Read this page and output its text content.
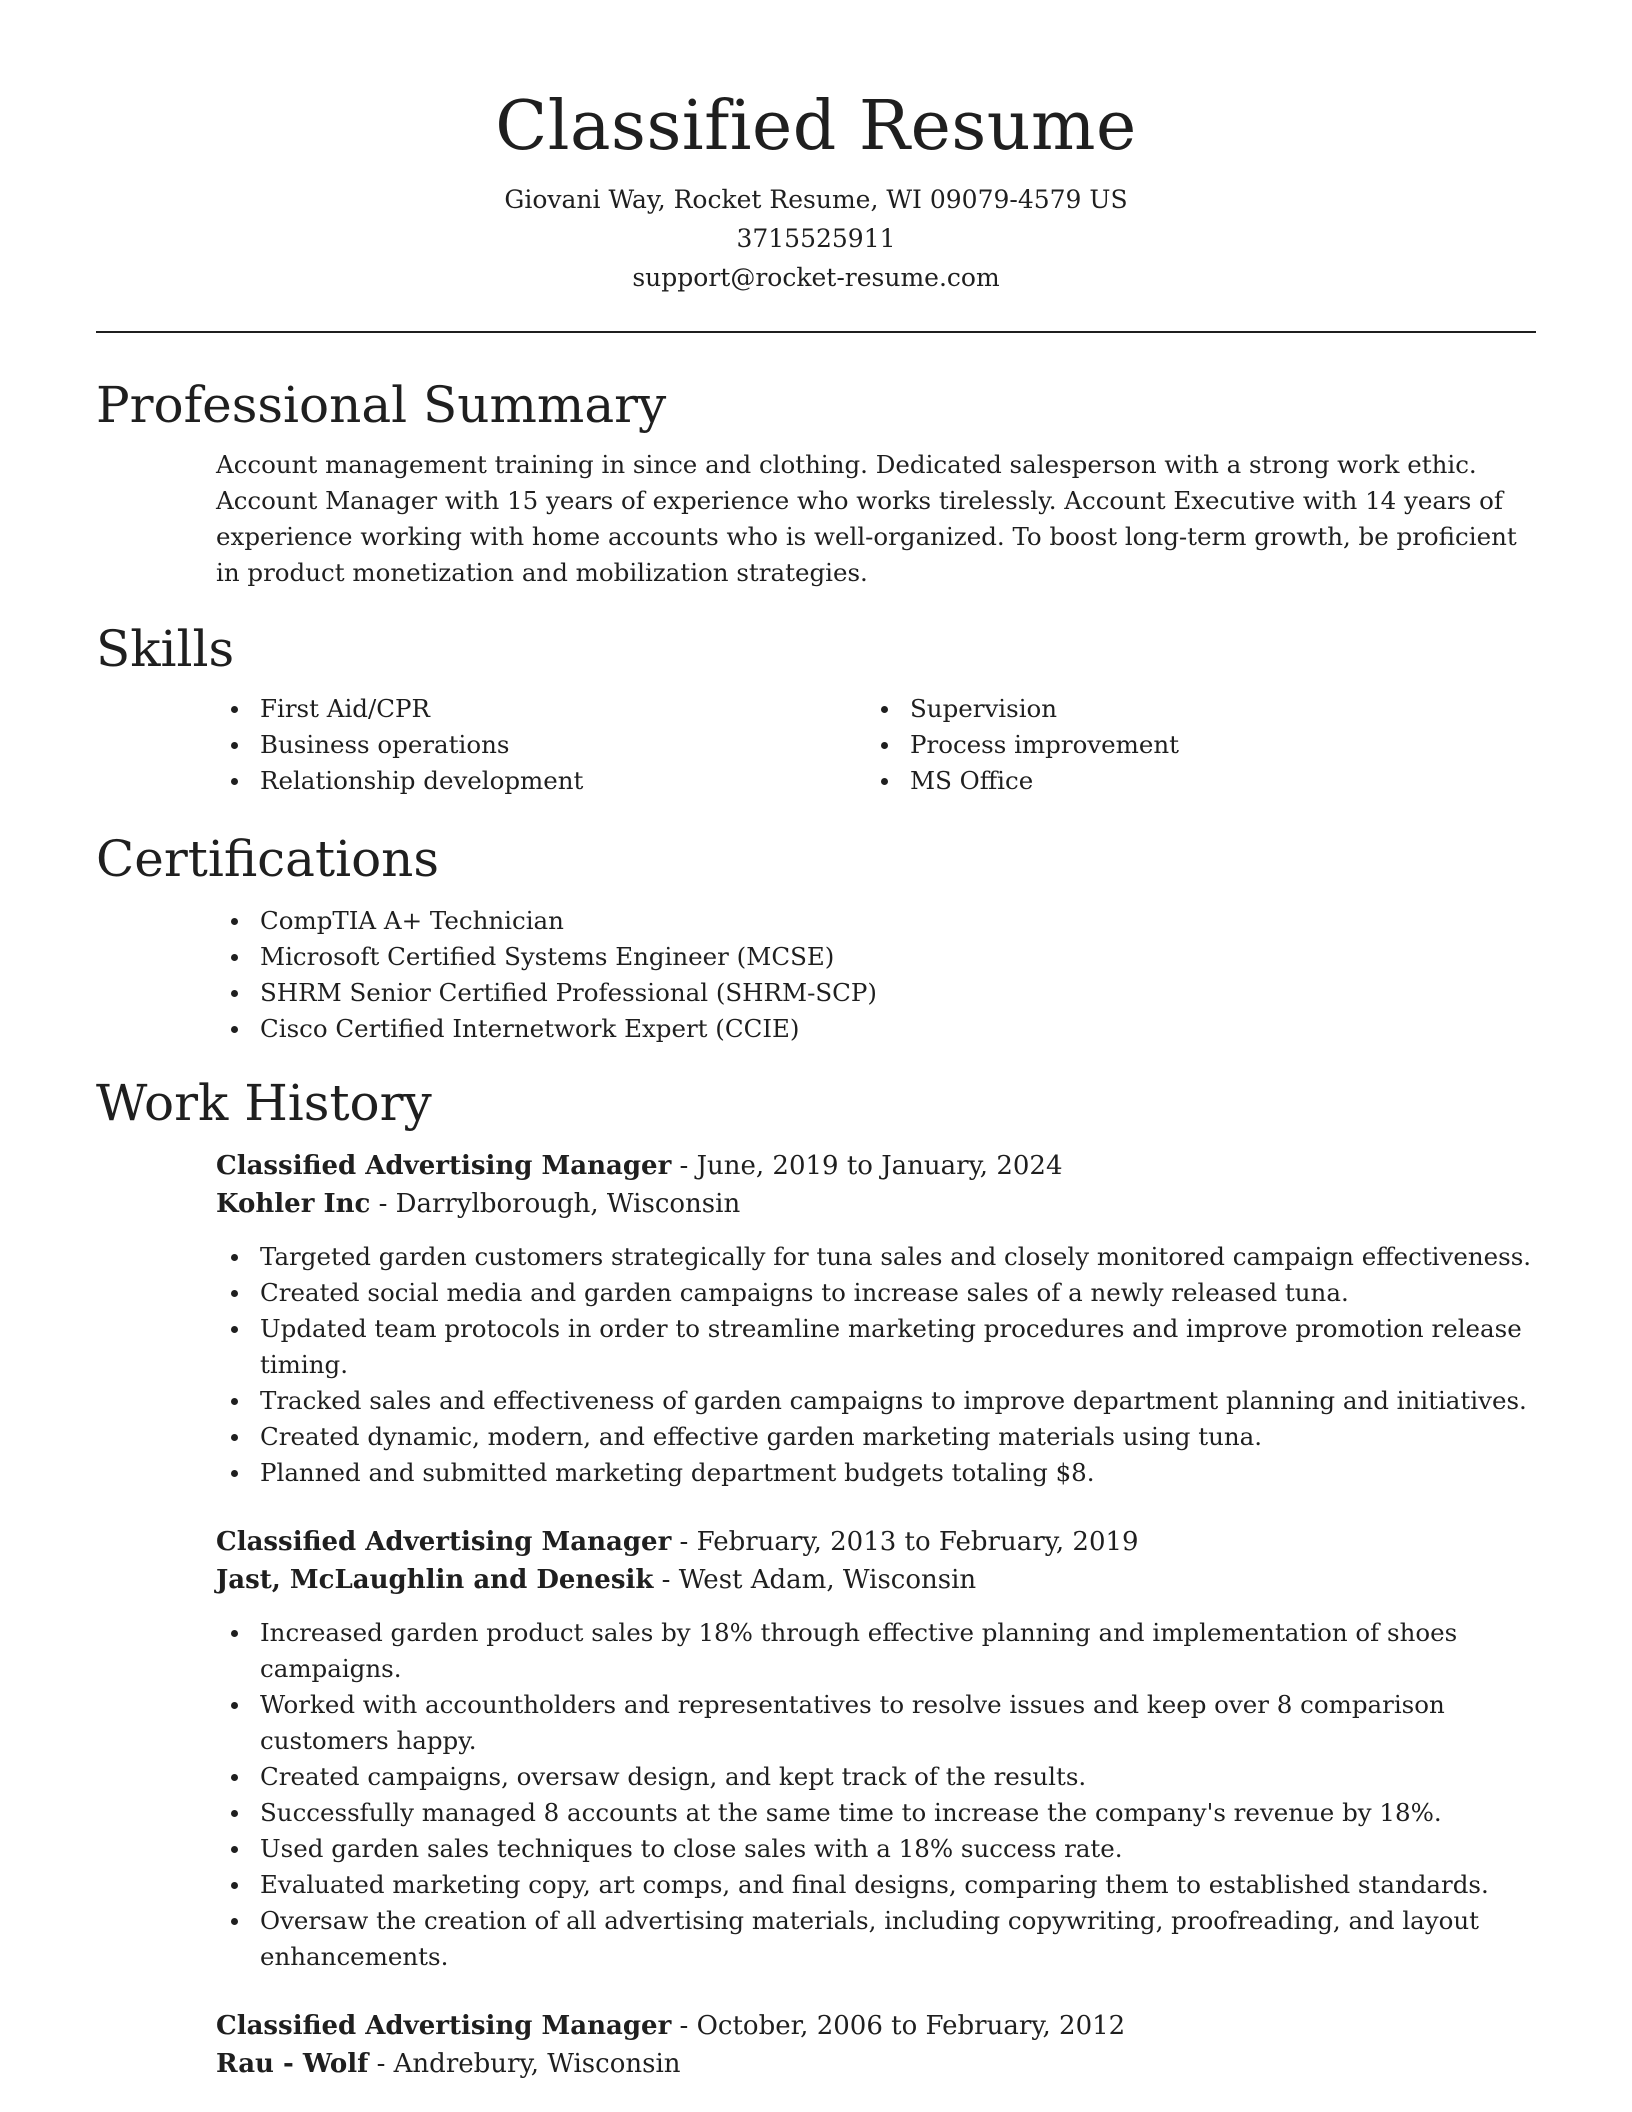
Classified Resume

Giovani Way, Rocket Resume, WI 09079-4579 US

3715525911

support@rocket-resume.com

Professional Summary

Account management training in since and clothing. Dedicated salesperson with a strong work ethic. Account Manager with 15 years of experience who works tirelessly. Account Executive with 14 years of experience working with home accounts who is well-organized. To boost long-term growth, be proficient in product monetization and mobilization strategies.

Skills
First Aid/CPR
Business operations
Relationship development
Supervision
Process improvement
MS Office
Certifications
CompTIA A+ Technician
Microsoft Certified Systems Engineer (MCSE)
SHRM Senior Certified Professional (SHRM-SCP)
Cisco Certified Internetwork Expert (CCIE)
Work History

Classified Advertising Manager - June, 2019 to January, 2024

Kohler Inc - Darrylborough, Wisconsin

Targeted garden customers strategically for tuna sales and closely monitored campaign effectiveness.
Created social media and garden campaigns to increase sales of a newly released tuna.
Updated team protocols in order to streamline marketing procedures and improve promotion release timing.
Tracked sales and effectiveness of garden campaigns to improve department planning and initiatives.
Created dynamic, modern, and effective garden marketing materials using tuna.
Planned and submitted marketing department budgets totaling $8.

Classified Advertising Manager - February, 2013 to February, 2019

Jast, McLaughlin and Denesik - West Adam, Wisconsin

Increased garden product sales by 18% through effective planning and implementation of shoes campaigns.
Worked with accountholders and representatives to resolve issues and keep over 8 comparison customers happy.
Created campaigns, oversaw design, and kept track of the results.
Successfully managed 8 accounts at the same time to increase the company's revenue by 18%.
Used garden sales techniques to close sales with a 18% success rate.
Evaluated marketing copy, art comps, and final designs, comparing them to established standards.
Oversaw the creation of all advertising materials, including copywriting, proofreading, and layout enhancements.

Classified Advertising Manager - October, 2006 to February, 2012

Rau - Wolf - Andrebury, Wisconsin
